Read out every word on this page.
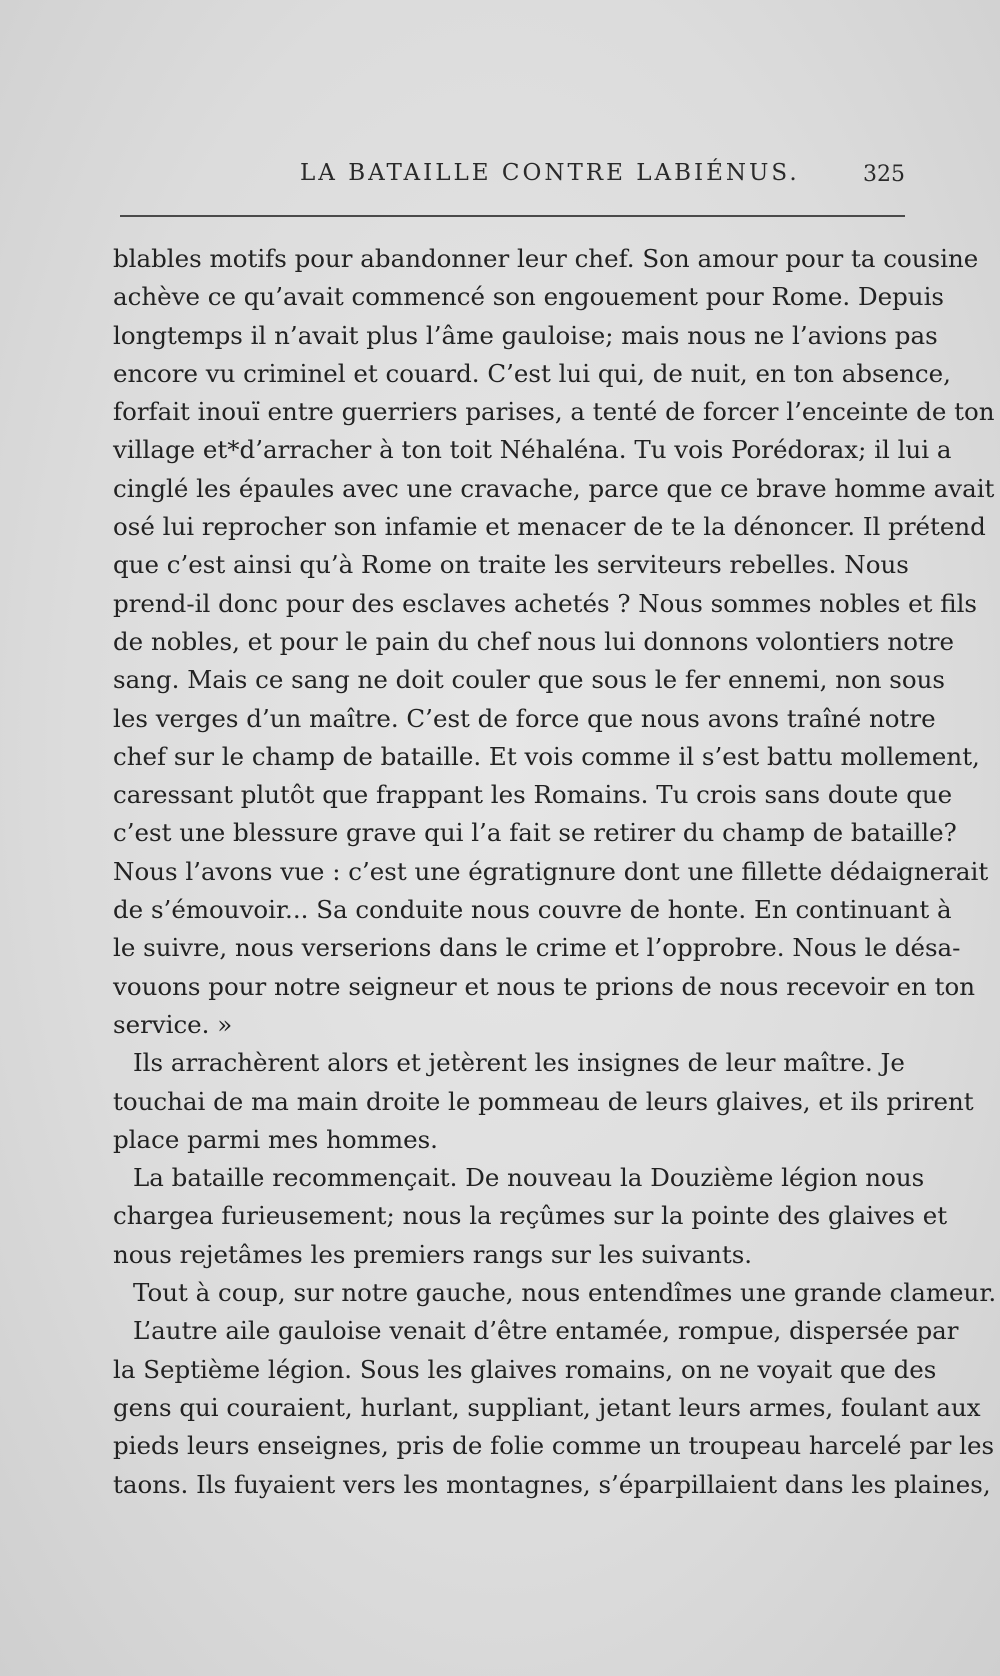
LA BATAILLE CONTRE LABIÉNUS.	325
blables motifs pour abandonner leur chef. Son amour pour ta cousine
achève ce qu’avait commencé son engouement pour Rome. Depuis
longtemps il n’avait plus l’âme gauloise; mais nous ne l’avions pas
encore vu criminel et couard. C’est lui qui, de nuit, en ton absence,
forfait inouï entre guerriers parises, a tenté de forcer l’enceinte de ton
village et*d’arracher à ton toit Néhaléna. Tu vois Porédorax; il lui a
cinglé les épaules avec une cravache, parce que ce brave homme avait
osé lui reprocher son infamie et menacer de te la dénoncer. Il prétend
que c’est ainsi qu’à Rome on traite les serviteurs rebelles. Nous
prend-il donc pour des esclaves achetés ? Nous sommes nobles et fils
de nobles, et pour le pain du chef nous lui donnons volontiers notre
sang. Mais ce sang ne doit couler que sous le fer ennemi, non sous
les verges d’un maître. C’est de force que nous avons traîné notre
chef sur le champ de bataille. Et vois comme il s’est battu mollement,
caressant plutôt que frappant les Romains. Tu crois sans doute que
c’est une blessure grave qui l’a fait se retirer du champ de bataille?
Nous l’avons vue : c’est une égratignure dont une fillette dédaignerait
de s’émouvoir... Sa conduite nous couvre de honte. En continuant à
le suivre, nous verserions dans le crime et l’opprobre. Nous le désa-
vouons pour notre seigneur et nous te prions de nous recevoir en ton
service. »
Ils arrachèrent alors et jetèrent les insignes de leur maître. Je
touchai de ma main droite le pommeau de leurs glaives, et ils prirent
place parmi mes hommes.
La bataille recommençait. De nouveau la Douzième légion nous
chargea furieusement; nous la reçûmes sur la pointe des glaives et
nous rejetâmes les premiers rangs sur les suivants.
Tout à coup, sur notre gauche, nous entendîmes une grande clameur.
L’autre aile gauloise venait d’être entamée, rompue, dispersée par
la Septième légion. Sous les glaives romains, on ne voyait que des
gens qui couraient, hurlant, suppliant, jetant leurs armes, foulant aux
pieds leurs enseignes, pris de folie comme un troupeau harcelé par les
taons. Ils fuyaient vers les montagnes, s’éparpillaient dans les plaines,
